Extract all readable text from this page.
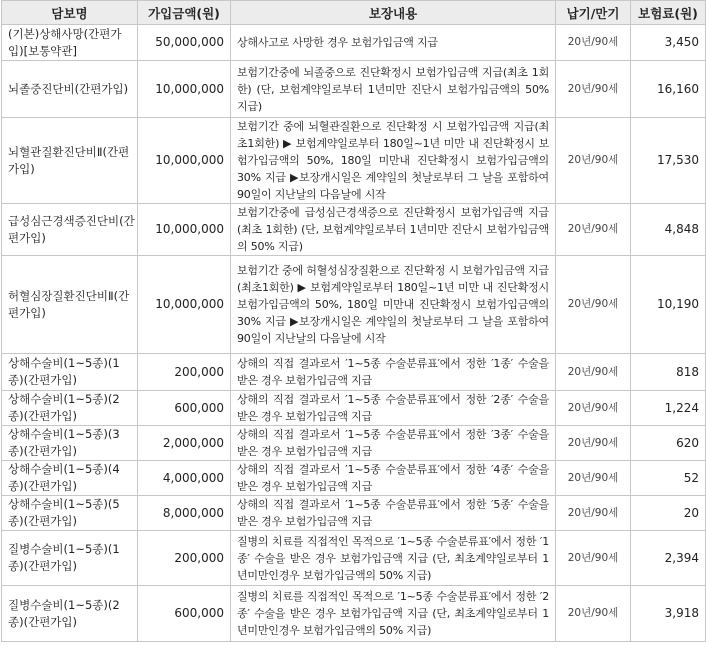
담보명	가입금액(원)	보장내용	납기/만기	보험료(원)
(기본)상해사망(간편가입)[보통약관]	50,000,000	상해사고로 사망한 경우 보험가입금액 지급	20년/90세	3,450
뇌졸중진단비(간편가입)	10,000,000	보험기간중에 뇌졸중으로 진단확정시 보험가입금액 지급(최초 1회한) (단, 보험계약일로부터 1년미만 진단시 보험가입금액의 50% 지급)	20년/90세	16,160
뇌혈관질환진단비Ⅱ(간편가입)	10,000,000	보험기간 중에 뇌혈관질환으로 진단확정 시 보험가입금액 지급(최초1회한) ▶ 보험계약일로부터 180일~1년 미만 내 진단확정시 보험가입금액의 50%, 180일 미만내 진단확정시 보험가입금액의 30% 지급 ▶보장개시일은 계약일의 첫날로부터 그 날을 포함하여 90일이 지난날의 다음날에 시작	20년/90세	17,530
급성심근경색증진단비(간편가입)	10,000,000	보험기간중에 급성심근경색증으로 진단확정시 보험가입금액 지급(최초 1회한) (단, 보험계약일로부터 1년미만 진단시 보험가입금액의 50% 지급)	20년/90세	4,848
허혈심장질환진단비Ⅱ(간편가입)	10,000,000	보험기간 중에 허혈성심장질환으로 진단확정 시 보험가입금액 지급(최초1회한) ▶ 보험계약일로부터 180일~1년 미만 내 진단확정시 보험가입금액의 50%, 180일 미만내 진단확정시 보험가입금액의 30% 지급 ▶보장개시일은 계약일의 첫날로부터 그 날을 포함하여 90일이 지난날의 다음날에 시작	20년/90세	10,190
상해수술비(1~5종)(1종)(간편가입)	200,000	상해의 직접 결과로서 ′1~5종 수술분류표′에서 정한 ′1종′ 수술을 받은 경우 보험가입금액 지급	20년/90세	818
상해수술비(1~5종)(2종)(간편가입)	600,000	상해의 직접 결과로서 ′1~5종 수술분류표′에서 정한 ′2종′ 수술을 받은 경우 보험가입금액 지급	20년/90세	1,224
상해수술비(1~5종)(3종)(간편가입)	2,000,000	상해의 직접 결과로서 ′1~5종 수술분류표′에서 정한 ′3종′ 수술을 받은 경우 보험가입금액 지급	20년/90세	620
상해수술비(1~5종)(4종)(간편가입)	4,000,000	상해의 직접 결과로서 ′1~5종 수술분류표′에서 정한 ′4종′ 수술을 받은 경우 보험가입금액 지급	20년/90세	52
상해수술비(1~5종)(5종)(간편가입)	8,000,000	상해의 직접 결과로서 ′1~5종 수술분류표′에서 정한 ′5종′ 수술을 받은 경우 보험가입금액 지급	20년/90세	20
질병수술비(1~5종)(1종)(간편가입)	200,000	질병의 치료를 직접적인 목적으로 ′1~5종 수술분류표′에서 정한 ′1종′ 수술을 받은 경우 보험가입금액 지급 (단, 최초계약일로부터 1년미만인경우 보험가입금액의 50% 지급)	20년/90세	2,394
질병수술비(1~5종)(2종)(간편가입)	600,000	질병의 치료를 직접적인 목적으로 ′1~5종 수술분류표′에서 정한 ′2종′ 수술을 받은 경우 보험가입금액 지급 (단, 최초계약일로부터 1년미만인경우 보험가입금액의 50% 지급)	20년/90세	3,918
